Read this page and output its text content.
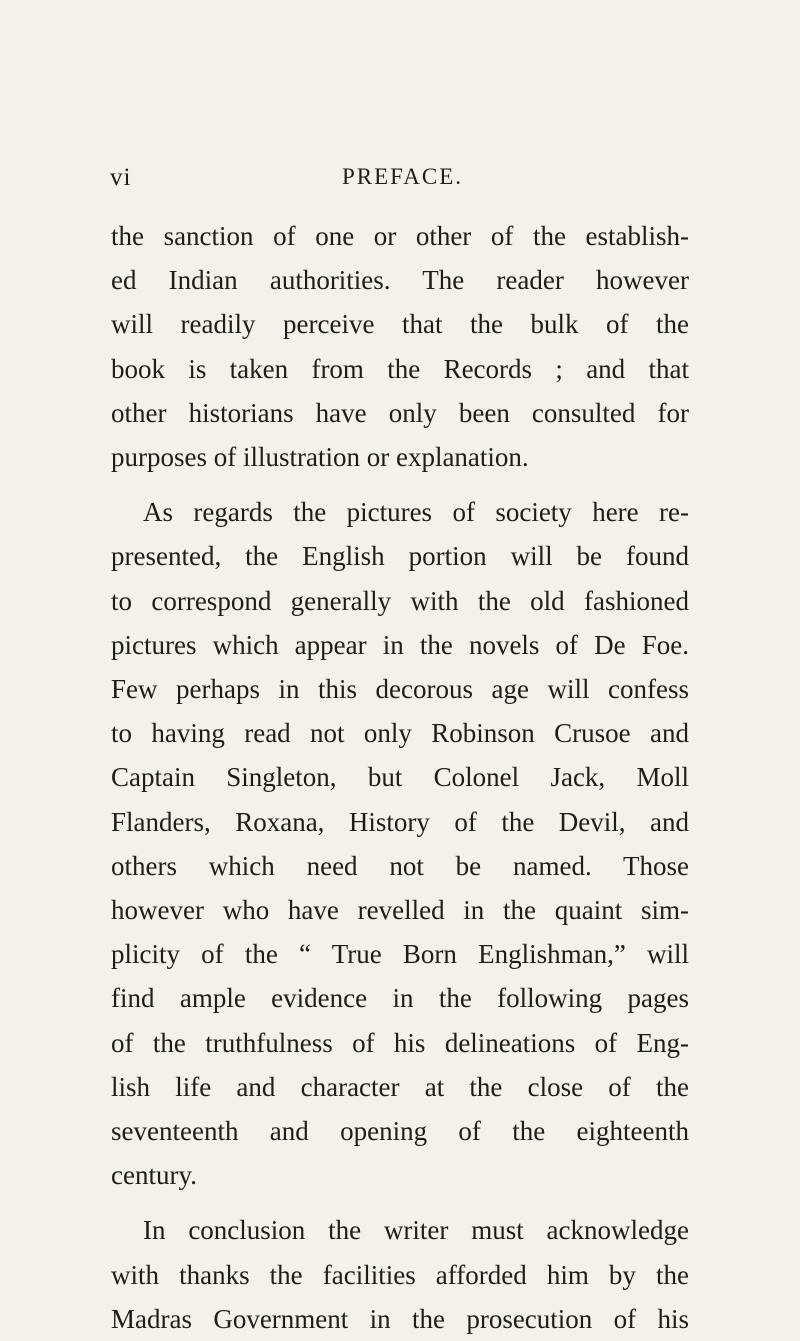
vi	PREFACE.
the sanction of one or other of the establish-
ed Indian authorities. The reader however
will readily perceive that the bulk of the
book is taken from the Records ; and that
other historians have only been consulted for
purposes of illustration or explanation.
As regards the pictures of society here re-
presented, the English portion will be found
to correspond generally with the old fashioned
pictures which appear in the novels of De Foe.
Few perhaps in this decorous age will confess
to having read not only Robinson Crusoe and
Captain Singleton, but Colonel Jack, Moll
Flanders, Roxana, History of the Devil, and
others which need not be named. Those
however who have revelled in the quaint sim-
plicity of the “ True Born Englishman,” will
find ample evidence in the following pages
of the truthfulness of his delineations of Eng-
lish life and character at the close of the
seventeenth and opening of the eighteenth
century.
In conclusion the writer must acknowledge
with thanks the facilities afforded him by the
Madras Government in the prosecution of his
